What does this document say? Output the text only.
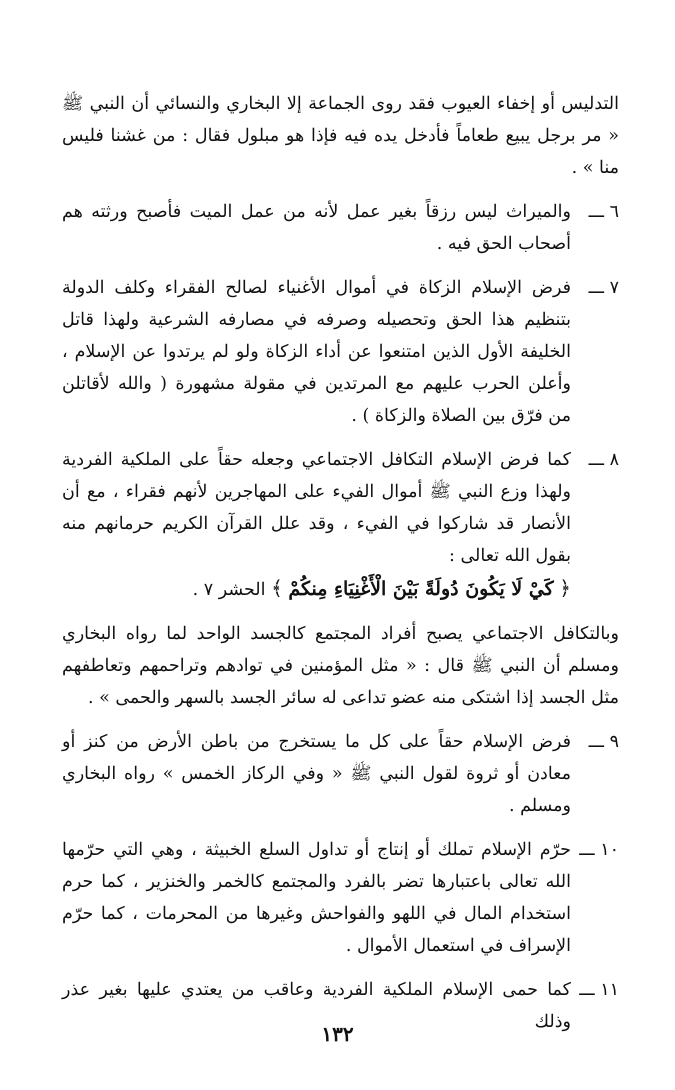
التدليس أو إخفاء العيوب فقد روى الجماعة إلا البخاري والنسائي أن النبي ﷺ « مر برجل يبيع طعاماً فأدخل يده فيه فإذا هو مبلول فقال : من غشنا فليس منا » .

٦ ـــ

والميراث ليس رزقاً بغير عمل لأنه من عمل الميت فأصبح ورثته هم أصحاب الحق فيه .

٧ ـــ

فرض الإسلام الزكاة في أموال الأغنياء لصالح الفقراء وكلف الدولة بتنظيم هذا الحق وتحصيله وصرفه في مصارفه الشرعية ولهذا قاتل الخليفة الأول الذين امتنعوا عن أداء الزكاة ولو لم يرتدوا عن الإسلام ، وأعلن الحرب عليهم مع المرتدين في مقولة مشهورة ( والله لأقاتلن من فرّق بين الصلاة والزكاة ) .

٨ ـــ

كما فرض الإسلام التكافل الاجتماعي وجعله حقاً على الملكية الفردية ولهذا وزع النبي ﷺ أموال الفيء على المهاجرين لأنهم فقراء ، مع أن الأنصار قد شاركوا في الفيء ، وقد علل القرآن الكريم حرمانهم منه بقول الله تعالى :

﴿ كَيْ لَا يَكُونَ دُولَةً بَيْنَ الْأَغْنِيَاءِ مِنكُمْ ﴾ الحشر ٧ .

وبالتكافل الاجتماعي يصبح أفراد المجتمع كالجسد الواحد لما رواه البخاري ومسلم أن النبي ﷺ قال : « مثل المؤمنين في توادهم وتراحمهم وتعاطفهم مثل الجسد إذا اشتكى منه عضو تداعى له سائر الجسد بالسهر والحمى » .

٩ ـــ

فرض الإسلام حقاً على كل ما يستخرج من باطن الأرض من كنز أو معادن أو ثروة لقول النبي ﷺ « وفي الركاز الخمس » رواه البخاري ومسلم .

١٠ ـــ

حرّم الإسلام تملك أو إنتاج أو تداول السلع الخبيثة ، وهي التي حرّمها الله تعالى باعتبارها تضر بالفرد والمجتمع كالخمر والخنزير ، كما حرم استخدام المال في اللهو والفواحش وغيرها من المحرمات ، كما حرّم الإسراف في استعمال الأموال .

١١ ـــ

كما حمى الإسلام الملكية الفردية وعاقب من يعتدي عليها بغير عذر وذلك

١٣٢
